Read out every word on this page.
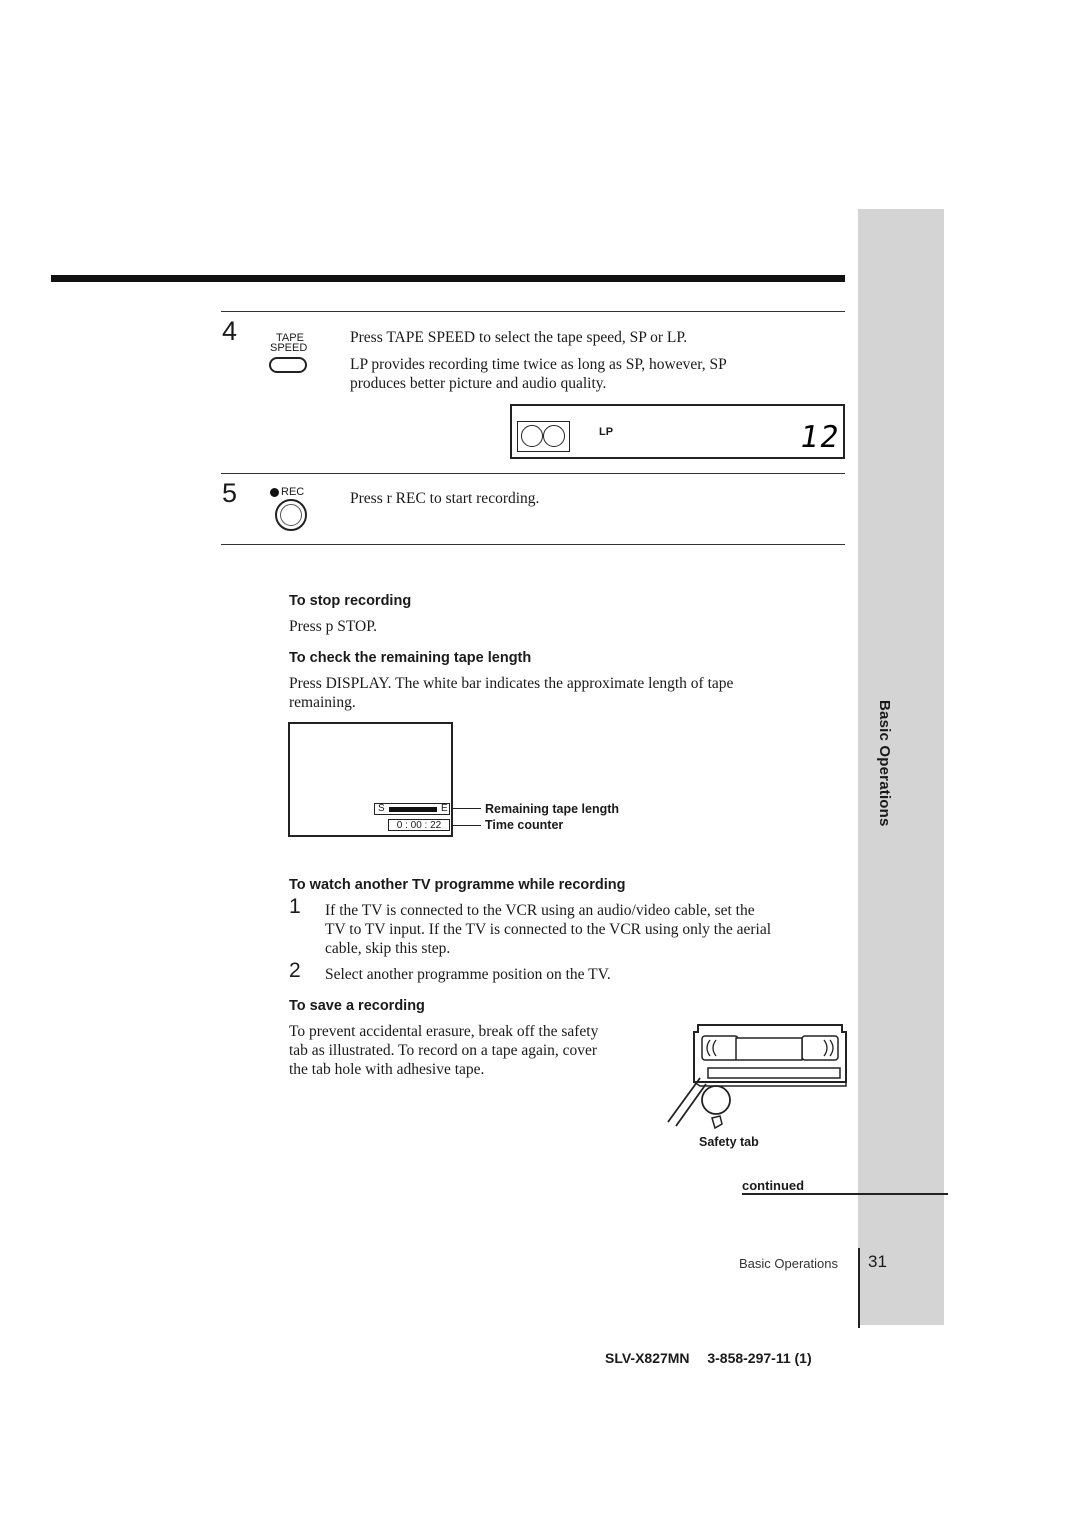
Basic Operations
4	TAPE
SPEED
Press TAPE SPEED to select the tape speed, SP or LP.
LP provides recording time twice as long as SP, however, SP
produces better picture and audio quality.
LP	12
5	REC	Press r REC to start recording.
To stop recording
Press p STOP.
To check the remaining tape length
Press DISPLAY. The white bar indicates the approximate length of tape
remaining.
S	E
0 : 00 : 22
Remaining tape length
Time counter
To watch another TV programme while recording
1 If the TV is connected to the VCR using an audio/video cable, set the
TV to TV input. If the TV is connected to the VCR using only the aerial
cable, skip this step.
2 Select another programme position on the TV.
To save a recording
To prevent accidental erasure, break off the safety
tab as illustrated. To record on a tape again, cover
the tab hole with adhesive tape.
Safety tab
continued
Basic Operations 31
SLV-X827MN 3-858-297-11 (1)
